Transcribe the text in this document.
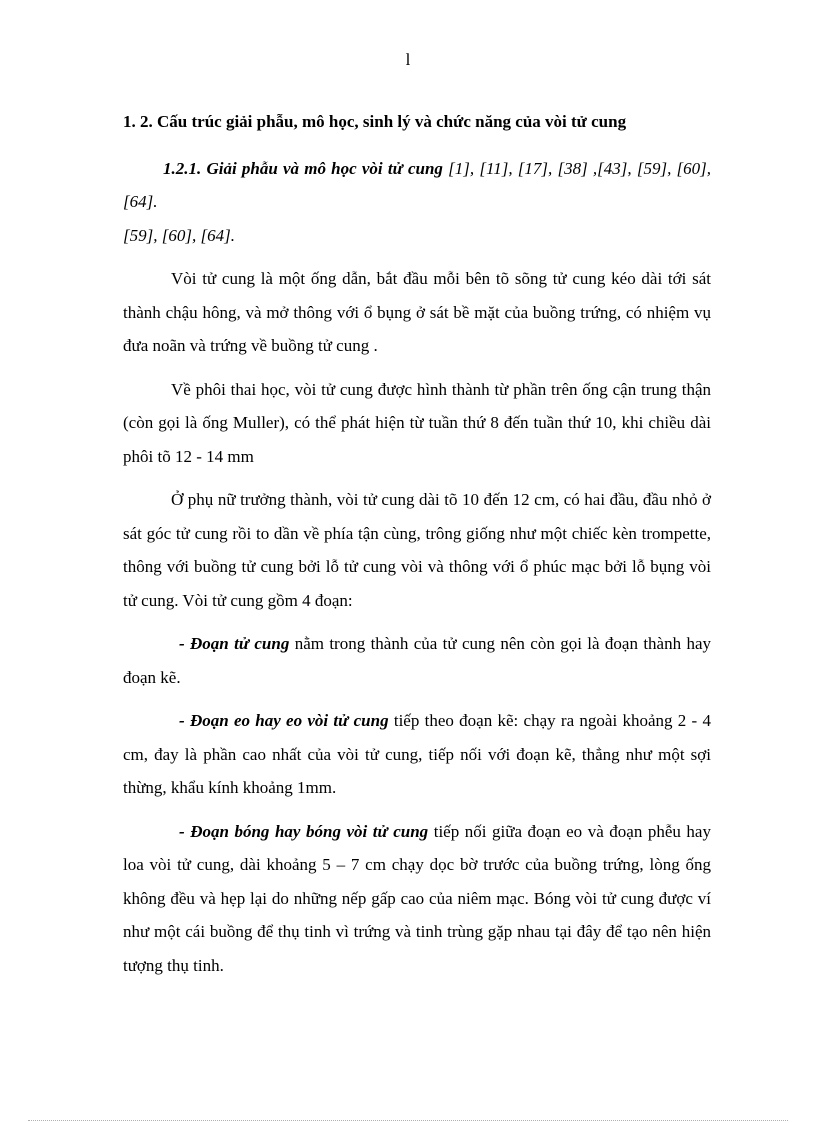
l

1. 2. Cấu trúc giải phẫu, mô học, sinh lý và chức năng của vòi tử cung

1.2.1. Giải phẫu và mô học vòi tử cung [1], [11], [17], [38] ,[43], [59], [60], [64].

[59], [60], [64].

Vòi tử cung là một ống dẫn, bắt đầu mỗi bên tõ sõng tử cung kéo dài tới sát thành chậu hông, và mở thông với ổ bụng ở sát bề mặt của buồng trứng, có nhiệm vụ đưa noãn và trứng về buồng tử cung .

Về phôi thai học, vòi tử cung được hình thành từ phần trên ống cận trung thận (còn gọi là ống Muller), có thể phát hiện từ tuần thứ 8 đến tuần thứ 10, khi chiều dài phôi tõ 12 - 14 mm

Ở phụ nữ trưởng thành, vòi tử cung dài tõ 10 đến 12 cm, có hai đầu, đầu nhỏ ở sát góc tử cung rồi to dần về phía tận cùng, trông giống như một chiếc kèn trompette, thông với buồng tử cung bởi lỗ tử cung vòi và thông với ổ phúc mạc bởi lỗ bụng vòi tử cung. Vòi tử cung gồm 4 đoạn:

- Đoạn tử cung nằm trong thành của tử cung nên còn gọi là đoạn thành hay đoạn kẽ.

- Đoạn eo hay eo vòi tử cung tiếp theo đoạn kẽ: chạy ra ngoài khoảng 2 - 4 cm, đay là phần cao nhất của vòi tử cung, tiếp nối với đoạn kẽ, thẳng như một sợi thừng, khẩu kính khoảng 1mm.

- Đoạn bóng hay bóng vòi tử cung tiếp nối giữa đoạn eo và đoạn phễu hay loa vòi tử cung, dài khoảng 5 – 7 cm chạy dọc bờ trước của buồng trứng, lòng ống không đều và hẹp lại do những nếp gấp cao của niêm mạc. Bóng vòi tử cung được ví như một cái buồng để thụ tinh vì trứng và tinh trùng gặp nhau tại đây để tạo nên hiện tượng thụ tinh.
